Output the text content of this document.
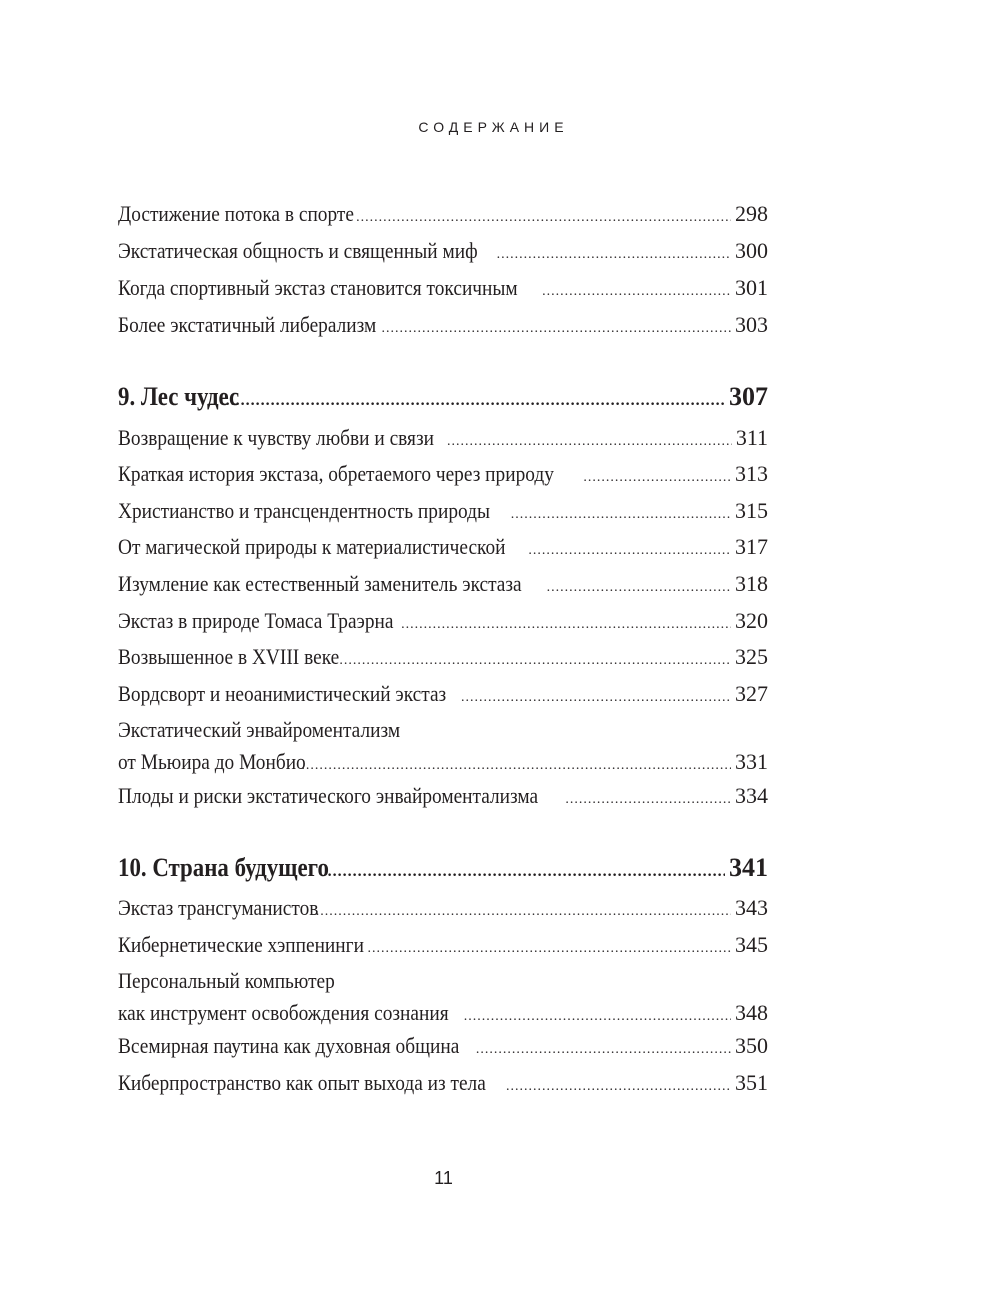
СОДЕРЖАНИЕ
Достижение потока в спорте .....	298
Экстатическая общность и священный миф .....	300
Когда спортивный экстаз становится токсичным .....	301
Более экстатичный либерализм .....	303
9. Лес чудес .....	307
Возвращение к чувству любви и связи .....	311
Краткая история экстаза, обретаемого через природу .....	313
Христианство и трансцендентность природы .....	315
От магической природы к материалистической .....	317
Изумление как естественный заменитель экстаза .....	318
Экстаз в природе Томаса Траэрна .....	320
Возвышенное в XVIII веке .....	325
Вордсворт и неоанимистический экстаз .....	327
Экстатический энвайроментализм
от Мьюира до Монбио .....	331
Плоды и риски экстатического энвайроментализма .....	334
10. Страна будущего .....	341
Экстаз трансгуманистов .....	343
Кибернетические хэппенинги .....	345
Персональный компьютер
как инструмент освобождения сознания .....	348
Всемирная паутина как духовная община .....	350
Киберпространство как опыт выхода из тела .....	351
11
